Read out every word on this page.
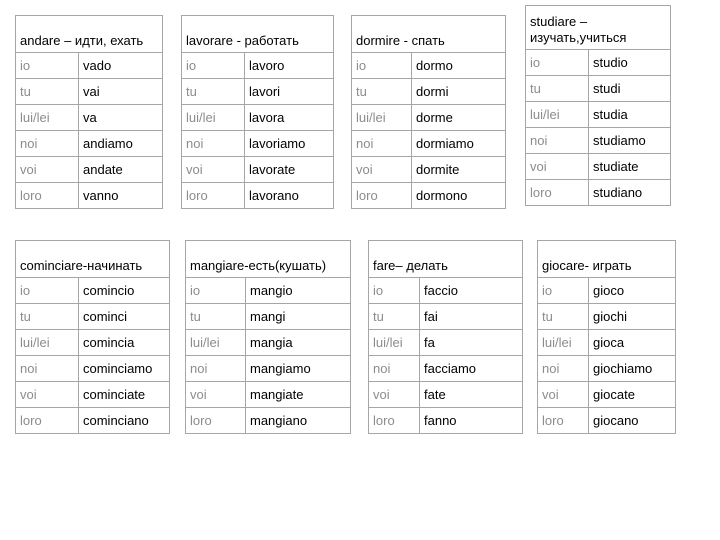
andare – идти, ехать	
io	vado
tu	vai
lui/lei	va
noi	andiamo
voi	andate
loro	vanno
lavorare - работать	
io	lavoro
tu	lavori
lui/lei	lavora
noi	lavoriamo
voi	lavorate
loro	lavorano
dormire - спать	
io	dormo
tu	dormi
lui/lei	dorme
noi	dormiamo
voi	dormite
loro	dormono
studiare – изучать,учиться	
io	studio
tu	studi
lui/lei	studia
noi	studiamo
voi	studiate
loro	studiano
cominciare-начинать	
io	comincio
tu	cominci
lui/lei	comincia
noi	cominciamo
voi	cominciate
loro	cominciano
mangiare-есть(кушать)	
io	mangio
tu	mangi
lui/lei	mangia
noi	mangiamo
voi	mangiate
loro	mangiano
fare– делать	
io	faccio
tu	fai
lui/lei	fa
noi	facciamo
voi	fate
loro	fanno
giocare- играть	
io	gioco
tu	giochi
lui/lei	gioca
noi	giochiamo
voi	giocate
loro	giocano
